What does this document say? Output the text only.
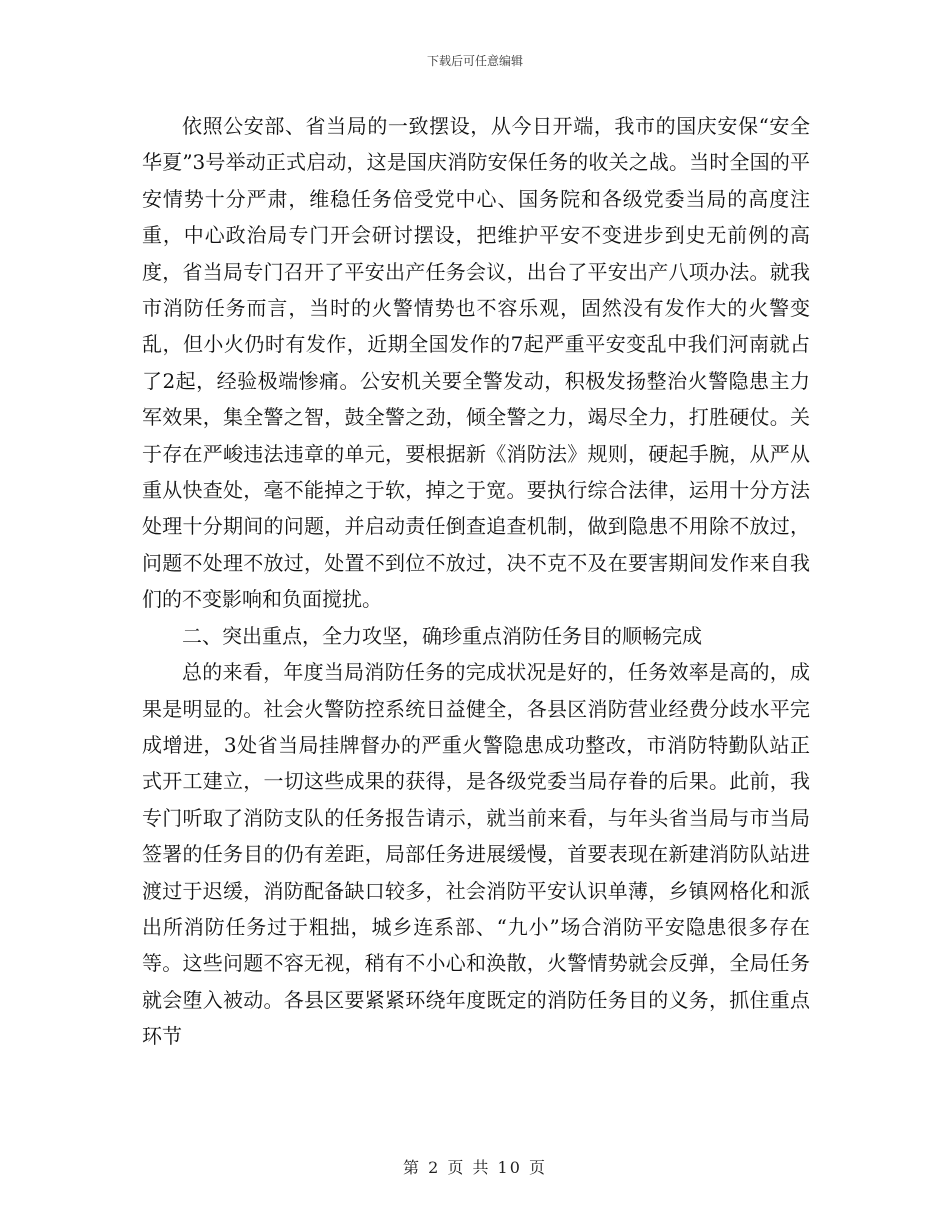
下载后可任意编辑

依照公安部、省当局的一致摆设，从今日开端，我市的国庆安保“安全华夏”3号举动正式启动，这是国庆消防安保任务的收关之战。当时全国的平安情势十分严肃，维稳任务倍受党中心、国务院和各级党委当局的高度注重，中心政治局专门开会研讨摆设，把维护平安不变进步到史无前例的高度，省当局专门召开了平安出产任务会议，出台了平安出产八项办法。就我市消防任务而言，当时的火警情势也不容乐观，固然没有发作大的火警变乱，但小火仍时有发作，近期全国发作的7起严重平安变乱中我们河南就占了2起，经验极端惨痛。公安机关要全警发动，积极发扬整治火警隐患主力军效果，集全警之智，鼓全警之劲，倾全警之力，竭尽全力，打胜硬仗。关于存在严峻违法违章的单元，要根据新《消防法》规则，硬起手腕，从严从重从快查处，毫不能掉之于软，掉之于宽。要执行综合法律，运用十分方法处理十分期间的问题，并启动责任倒查追查机制，做到隐患不用除不放过，问题不处理不放过，处置不到位不放过，决不克不及在要害期间发作来自我们的不变影响和负面搅扰。

二、突出重点，全力攻坚，确珍重点消防任务目的顺畅完成

总的来看，年度当局消防任务的完成状况是好的，任务效率是高的，成果是明显的。社会火警防控系统日益健全，各县区消防营业经费分歧水平完成增进，3处省当局挂牌督办的严重火警隐患成功整改，市消防特勤队站正式开工建立，一切这些成果的获得，是各级党委当局存眷的后果。此前，我专门听取了消防支队的任务报告请示，就当前来看，与年头省当局与市当局签署的任务目的仍有差距，局部任务进展缓慢，首要表现在新建消防队站进渡过于迟缓，消防配备缺口较多，社会消防平安认识单薄，乡镇网格化和派出所消防任务过于粗拙，城乡连系部、“九小”场合消防平安隐患很多存在等。这些问题不容无视，稍有不小心和涣散，火警情势就会反弹，全局任务就会堕入被动。各县区要紧紧环绕年度既定的消防任务目的义务，抓住重点环节

第 2 页 共 10 页
